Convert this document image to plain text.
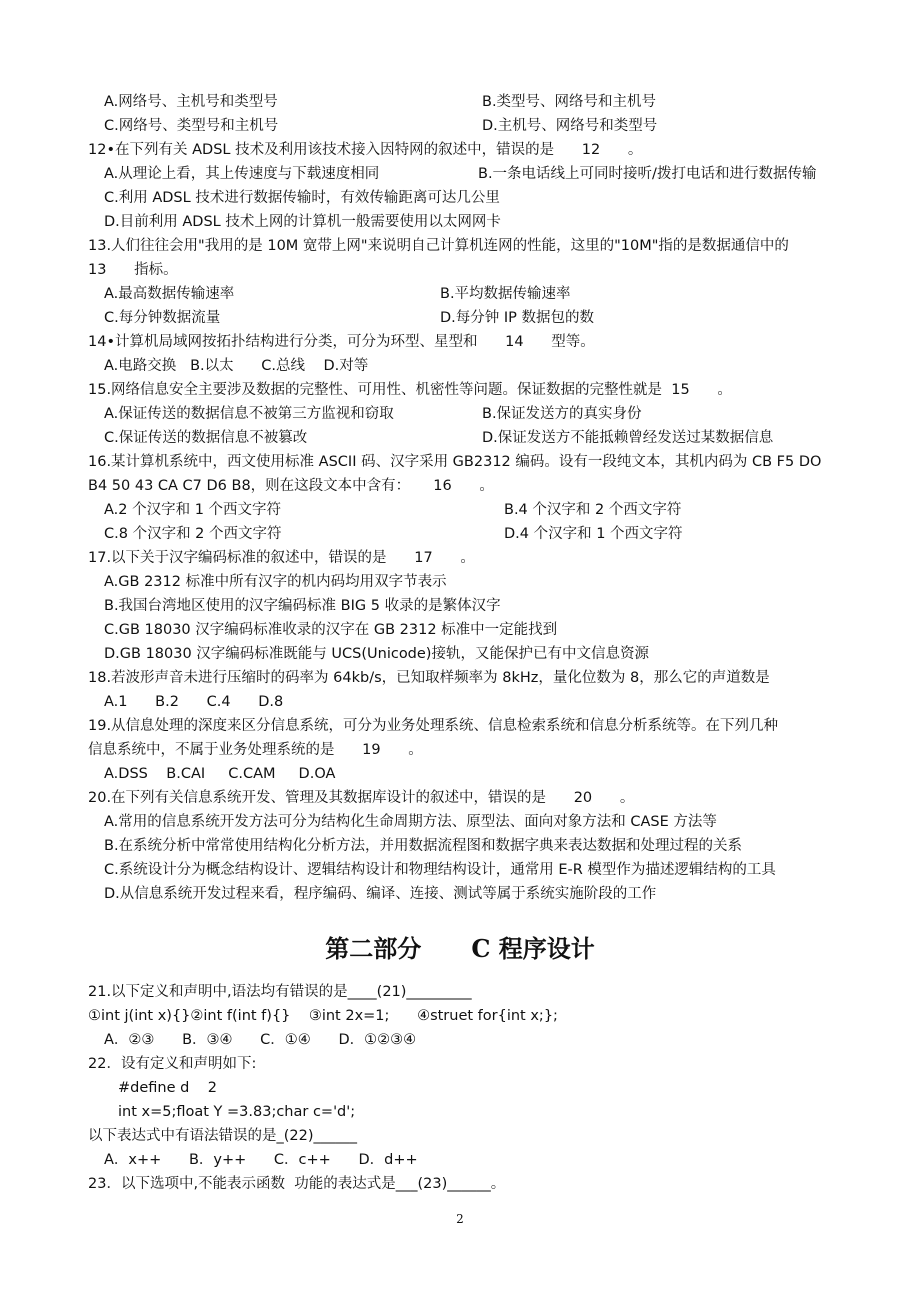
A.网络号、主机号和类型号	B.类型号、网络号和主机号
C.网络号、类型号和主机号	D.主机号、网络号和类型号
12•在下列有关 ADSL 技术及利用该技术接入因特网的叙述中，错误的是      12      。
A.从理论上看，其上传速度与下载速度相同	B.一条电话线上可同时接听/拨打电话和进行数据传输
C.利用 ADSL 技术进行数据传输时，有效传输距离可达几公里
D.目前利用 ADSL 技术上网的计算机一般需要使用以太网网卡
13.人们往往会用"我用的是 10M 宽带上网"来说明自己计算机连网的性能，这里的"10M"指的是数据通信中的
13      指标。
A.最高数据传输速率	B.平均数据传输速率
C.每分钟数据流量	D.每分钟 IP 数据包的数
14•计算机局域网按拓扑结构进行分类，可分为环型、星型和      14      型等。
A.电路交换   B.以太      C.总线    D.对等
15.网络信息安全主要涉及数据的完整性、可用性、机密性等问题。保证数据的完整性就是  15      。
A.保证传送的数据信息不被第三方监视和窃取	B.保证发送方的真实身份
C.保证传送的数据信息不被篡改	D.保证发送方不能抵赖曾经发送过某数据信息
16.某计算机系统中，西文使用标准 ASCII 码、汉字采用 GB2312 编码。设有一段纯文本，其机内码为 CB F5 DO
B4 50 43 CA C7 D6 B8，则在这段文本中含有：     16      。
A.2 个汉字和 1 个西文字符	B.4 个汉字和 2 个西文字符
C.8 个汉字和 2 个西文字符	D.4 个汉字和 1 个西文字符
17.以下关于汉字编码标准的叙述中，错误的是      17      。
A.GB 2312 标准中所有汉字的机内码均用双字节表示
B.我国台湾地区使用的汉字编码标准 BIG 5 收录的是繁体汉字
C.GB 18030 汉字编码标准收录的汉字在 GB 2312 标准中一定能找到
D.GB 18030 汉字编码标准既能与 UCS(Unicode)接轨，又能保护已有中文信息资源
18.若波形声音未进行压缩时的码率为 64kb/s，已知取样频率为 8kHz，量化位数为 8，那么它的声道数是
A.1      B.2      C.4      D.8
19.从信息处理的深度来区分信息系统，可分为业务处理系统、信息检索系统和信息分析系统等。在下列几种
信息系统中，不属于业务处理系统的是      19      。
A.DSS    B.CAI     C.CAM     D.OA
20.在下列有关信息系统开发、管理及其数据库设计的叙述中，错误的是      20      。
A.常用的信息系统开发方法可分为结构化生命周期方法、原型法、面向对象方法和 CASE 方法等
B.在系统分析中常常使用结构化分析方法，并用数据流程图和数据字典来表达数据和处理过程的关系
C.系统设计分为概念结构设计、逻辑结构设计和物理结构设计，通常用 E-R 模型作为描述逻辑结构的工具
D.从信息系统开发过程来看，程序编码、编译、连接、测试等属于系统实施阶段的工作
21.以下定义和声明中,语法均有错误的是____(21)_________
①int j(int x){}②int f(int f){}    ③int 2x=1;      ④struet for{int x;};
A．②③      B．③④      C．①④      D．①②③④
22．设有定义和声明如下:
#define d    2
int x=5;float Y =3.83;char c='d';
以下表达式中有语法错误的是_(22)______
A．x++      B．y++      C．c++      D．d++
23．以下选项中,不能表示函数  功能的表达式是___(23)______。
第二部分      C 程序设计
2
